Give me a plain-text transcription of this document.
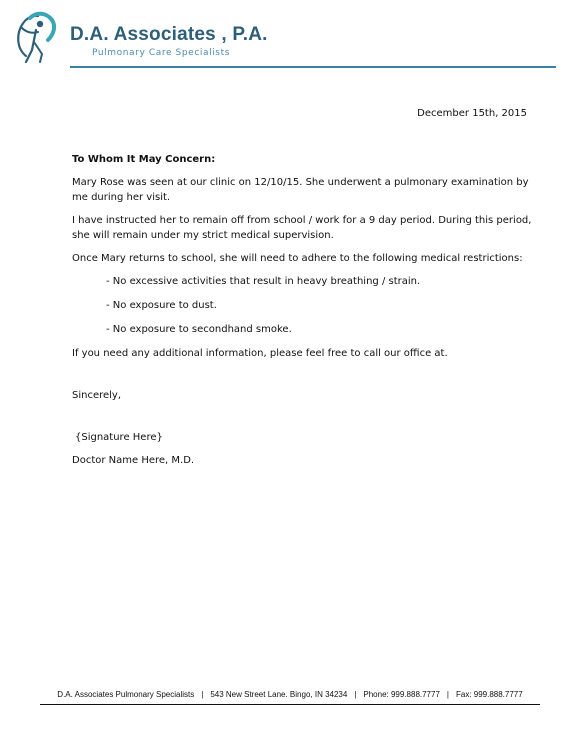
D.A. Associates , P.A.
Pulmonary Care Specialists
December 15th, 2015

To Whom It May Concern:

Mary Rose was seen at our clinic on 12/10/15. She underwent a pulmonary examination by me during her visit.

I have instructed her to remain off from school / work for a 9 day period. During this period, she will remain under my strict medical supervision.

Once Mary returns to school, she will need to adhere to the following medical restrictions:

- No excessive activities that result in heavy breathing / strain.
- No exposure to dust.
- No exposure to secondhand smoke.

If you need any additional information, please feel free to call our office at.

Sincerely,

{Signature Here}

Doctor Name Here, M.D.

D.A. Associates Pulmonary Specialists | 543 New Street Lane. Bingo, IN 34234 | Phone: 999.888.7777 | Fax: 999.888.7777
